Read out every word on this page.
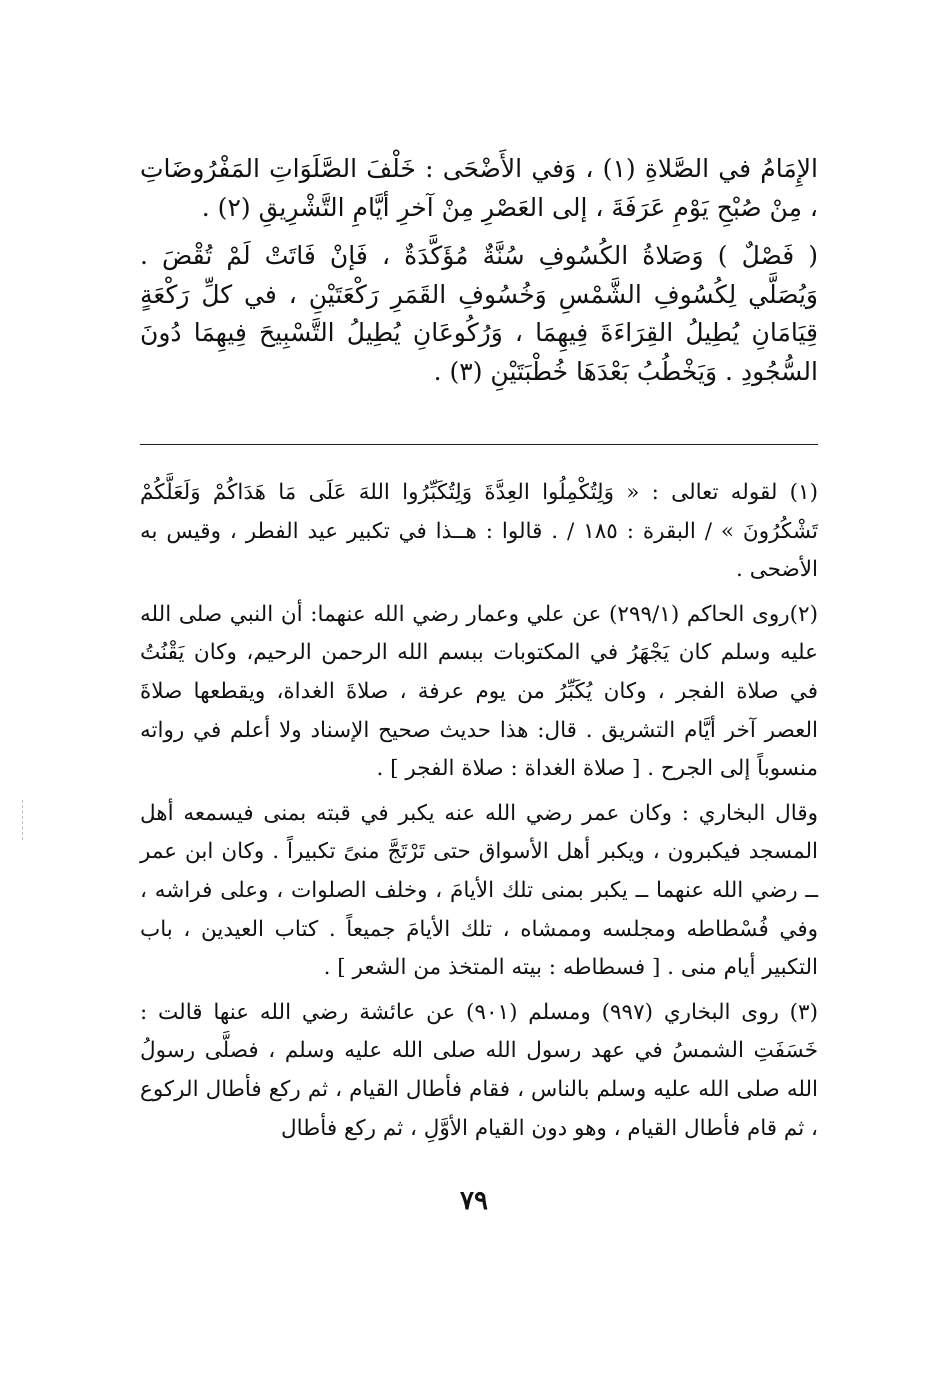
الإِمَامُ في الصَّلاةِ (١) ، وَفي الأَضْحَى : خَلْفَ الصَّلَوَاتِ المَفْرُوضَاتِ ، مِنْ صُبْحِ يَوْمِ عَرَفَةَ ، إلى العَصْرِ مِنْ آخرِ أيَّامِ التَّشْرِيقِ (٢) .

( فَصْلٌ ) وَصَلاةُ الكُسُوفِ سُنَّةٌ مُؤَكَّدَةٌ ، فَإنْ فَاتَتْ لَمْ تُقْضَ . وَيُصَلَّي لِكُسُوفِ الشَّمْسِ وَخُسُوفِ القَمَرِ رَكْعَتَيْنِ ، في كلِّ رَكْعَةٍ قِيَامَانِ يُطِيلُ القِرَاءَةَ فِيهِمَا ، وَرُكُوعَانِ يُطِيلُ التَّسْبِيحَ فِيهِمَا دُونَ السُّجُودِ . وَيَخْطُبُ بَعْدَهَا خُطْبَتَيْنِ (٣) .

(١) لقوله تعالى : « وَلِتُكْمِلُوا العِدَّةَ وَلِتُكَبِّرُوا اللهَ عَلَى مَا هَدَاكُمْ وَلَعَلَّكُمْ تَشْكُرُونَ » / البقرة : ١٨٥ / . قالوا : هــذا في تكبير عيد الفطر ، وقيس به الأضحى .

(٢)روى الحاكم (٢٩٩/١) عن علي وعمار رضي الله عنهما: أن النبي صلى الله عليه وسلم كان يَجْهَرُ في المكتوبات ببسم الله الرحمن الرحيم، وكان يَقْنُتُ في صلاة الفجر ، وكان يُكَبِّرُ من يوم عرفة ، صلاةَ الغداة، ويقطعها صلاةَ العصر آخر أيَّام التشريق . قال: هذا حديث صحيح الإسناد ولا أعلم في رواته منسوباً إلى الجرح . [ صلاة الغداة : صلاة الفجر ] .

وقال البخاري : وكان عمر رضي الله عنه يكبر في قبته بمنى فيسمعه أهل المسجد فيكبرون ، ويكبر أهل الأسواق حتى تَرْتَجَّ منىً تكبيراً . وكان ابن عمر ــ رضي الله عنهما ــ يكبر بمنى تلك الأيامَ ، وخلف الصلوات ، وعلى فراشه ، وفي فُسْطاطه ومجلسه وممشاه ، تلك الأيامَ جميعاً . كتاب العيدين ، باب التكبير أيام منى . [ فسطاطه : بيته المتخذ من الشعر ] .

(٣) روى البخاري (٩٩٧) ومسلم (٩٠١) عن عائشة رضي الله عنها قالت : خَسَفَتِ الشمسُ في عهد رسول الله صلى الله عليه وسلم ، فصلَّى رسولُ الله صلى الله عليه وسلم بالناس ، فقام فأطال القيام ، ثم ركع فأطال الركوع ، ثم قام فأطال القيام ، وهو دون القيام الأوَّلِ ، ثم ركع فأطال

٧٩
